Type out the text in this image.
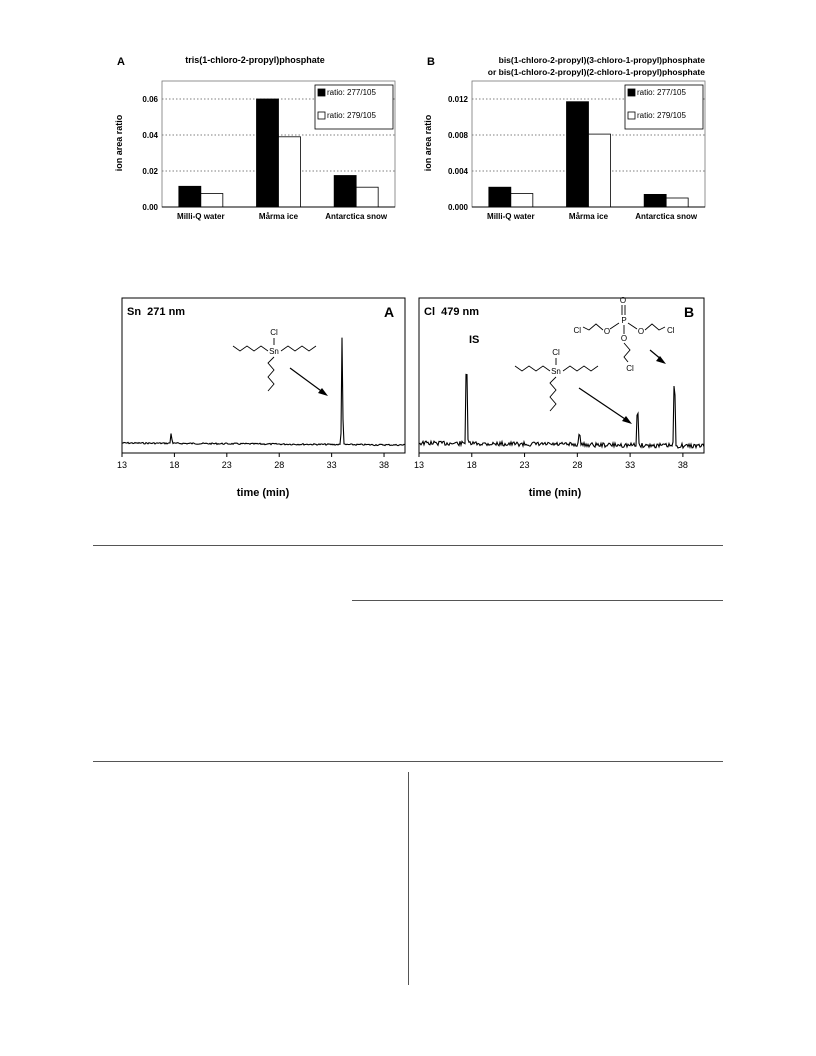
A	tris(1-chloro-2-propyl)phosphate
ion area ratio
0.00
0.02
0.04
0.06
Milli-Q water	Mårma ice	Antarctica snow
ratio: 277/105
ratio: 279/105
B	bis(1-chloro-2-propyl)(3-chloro-1-propyl)phosphate
or bis(1-chloro-2-propyl)(2-chloro-1-propyl)phosphate
ion area ratio
0.000
0.004
0.008
0.012
Milli-Q water	Mårma ice	Antarctica snow
ratio: 277/105
ratio: 279/105
Sn  271 nm	A
Sn
Cl
13	18	23	28	33	38
time (min)
Cl  479 nm	B
IS
Sn
Cl
O
P
O	O
O
Cl	Cl
Cl
13	18	23	28	33	38
time (min)
